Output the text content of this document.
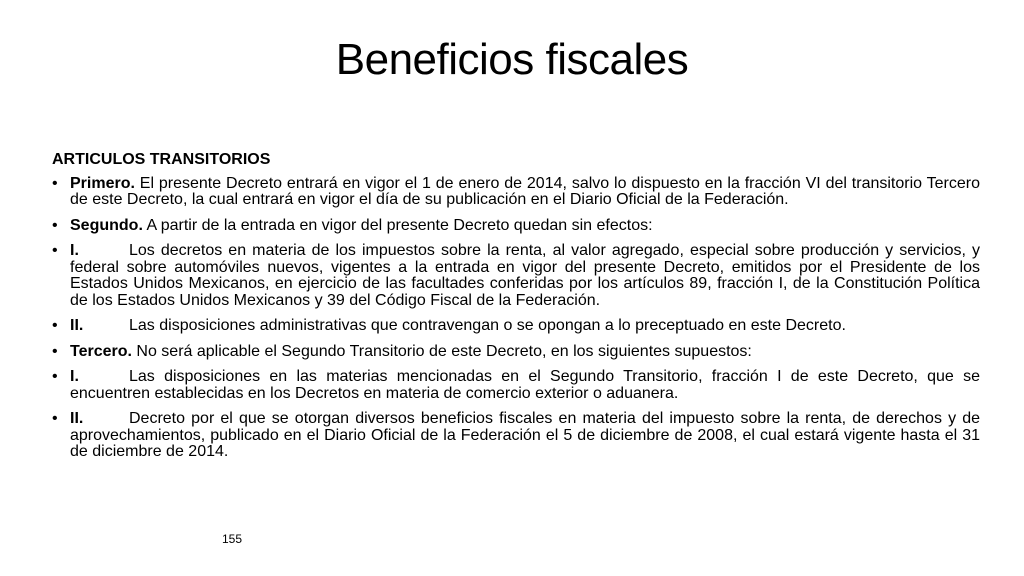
Beneficios fiscales
ARTICULOS TRANSITORIOS
• Primero. El presente Decreto entrará en vigor el 1 de enero de 2014, salvo lo dispuesto en la fracción VI del transitorio Tercero de este Decreto, la cual entrará en vigor el día de su publicación en el Diario Oficial de la Federación.
• Segundo. A partir de la entrada en vigor del presente Decreto quedan sin efectos:
• I.	Los decretos en materia de los impuestos sobre la renta, al valor agregado, especial sobre producción y servicios, y federal sobre automóviles nuevos, vigentes a la entrada en vigor del presente Decreto, emitidos por el Presidente de los Estados Unidos Mexicanos, en ejercicio de las facultades conferidas por los artículos 89, fracción I, de la Constitución Política de los Estados Unidos Mexicanos y 39 del Código Fiscal de la Federación.
• II.	Las disposiciones administrativas que contravengan o se opongan a lo preceptuado en este Decreto.
• Tercero. No será aplicable el Segundo Transitorio de este Decreto, en los siguientes supuestos:
• I.	Las disposiciones en las materias mencionadas en el Segundo Transitorio, fracción I de este Decreto, que se encuentren establecidas en los Decretos en materia de comercio exterior o aduanera.
• II.	Decreto por el que se otorgan diversos beneficios fiscales en materia del impuesto sobre la renta, de derechos y de aprovechamientos, publicado en el Diario Oficial de la Federación el 5 de diciembre de 2008, el cual estará vigente hasta el 31 de diciembre de 2014.
155
